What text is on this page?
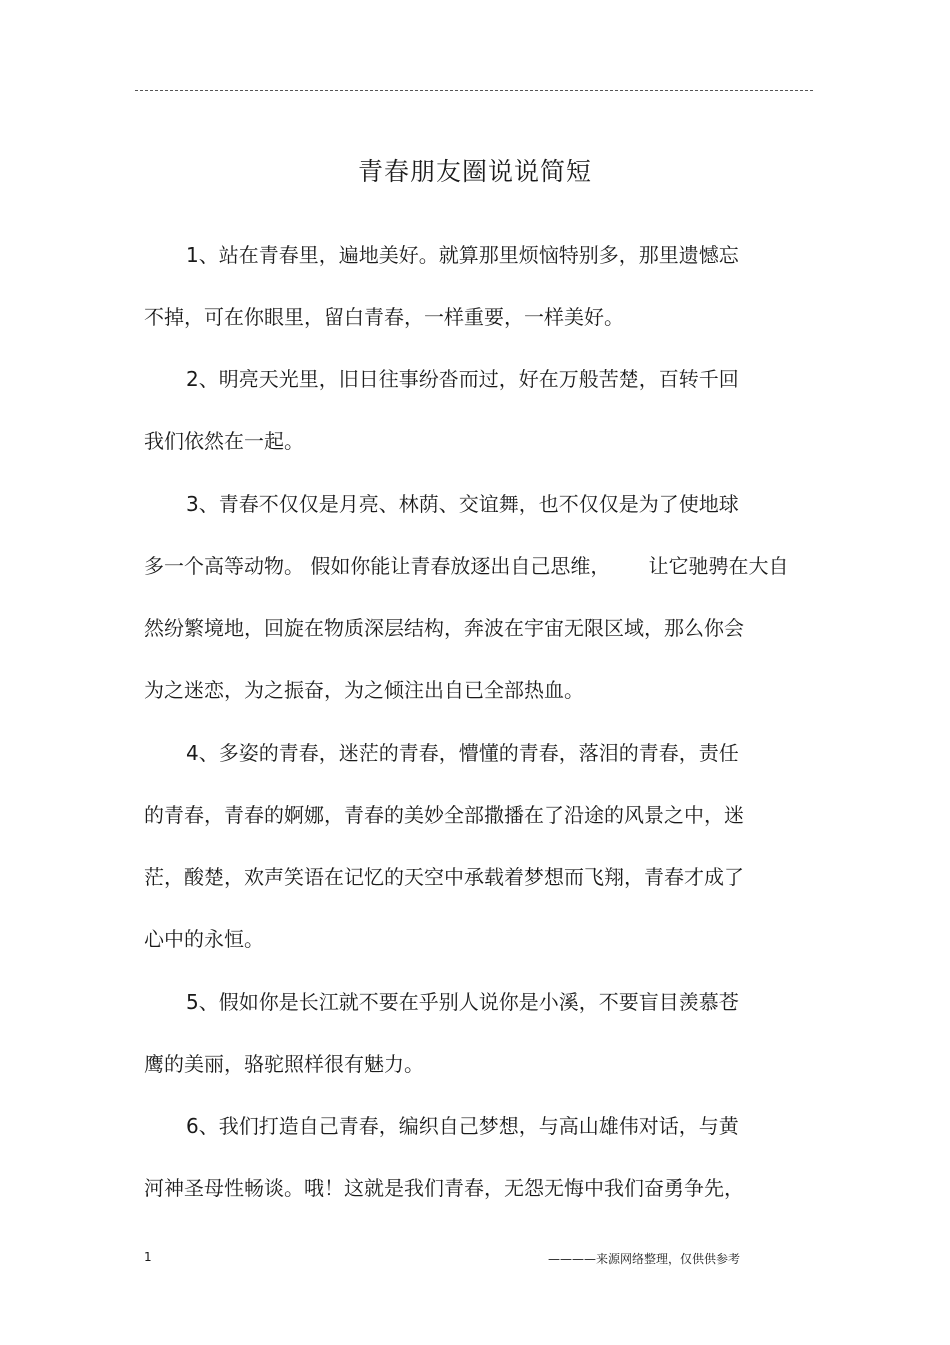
青春朋友圈说说简短
1、站在青春里，遍地美好。就算那里烦恼特别多，那里遗憾忘
不掉，可在你眼里，留白青春，一样重要，一样美好。
2、明亮天光里，旧日往事纷沓而过，好在万般苦楚，百转千回
我们依然在一起。
3、青春不仅仅是月亮、林荫、交谊舞，也不仅仅是为了使地球
多一个高等动物。 假如你能让青春放逐出自己思维，      让它驰骋在大自
然纷繁境地，回旋在物质深层结构，奔波在宇宙无限区域，那么你会
为之迷恋，为之振奋，为之倾注出自已全部热血。
4、多姿的青春，迷茫的青春，懵懂的青春，落泪的青春，责任
的青春，青春的婀娜，青春的美妙全部撒播在了沿途的风景之中，迷
茫，酸楚，欢声笑语在记忆的天空中承载着梦想而飞翔，青春才成了
心中的永恒。
5、假如你是长江就不要在乎别人说你是小溪，不要盲目羡慕苍
鹰的美丽，骆驼照样很有魅力。
6、我们打造自己青春，编织自己梦想，与高山雄伟对话，与黄
河神圣母性畅谈。哦！这就是我们青春，无怨无悔中我们奋勇争先，
1	————来源网络整理，仅供供参考
